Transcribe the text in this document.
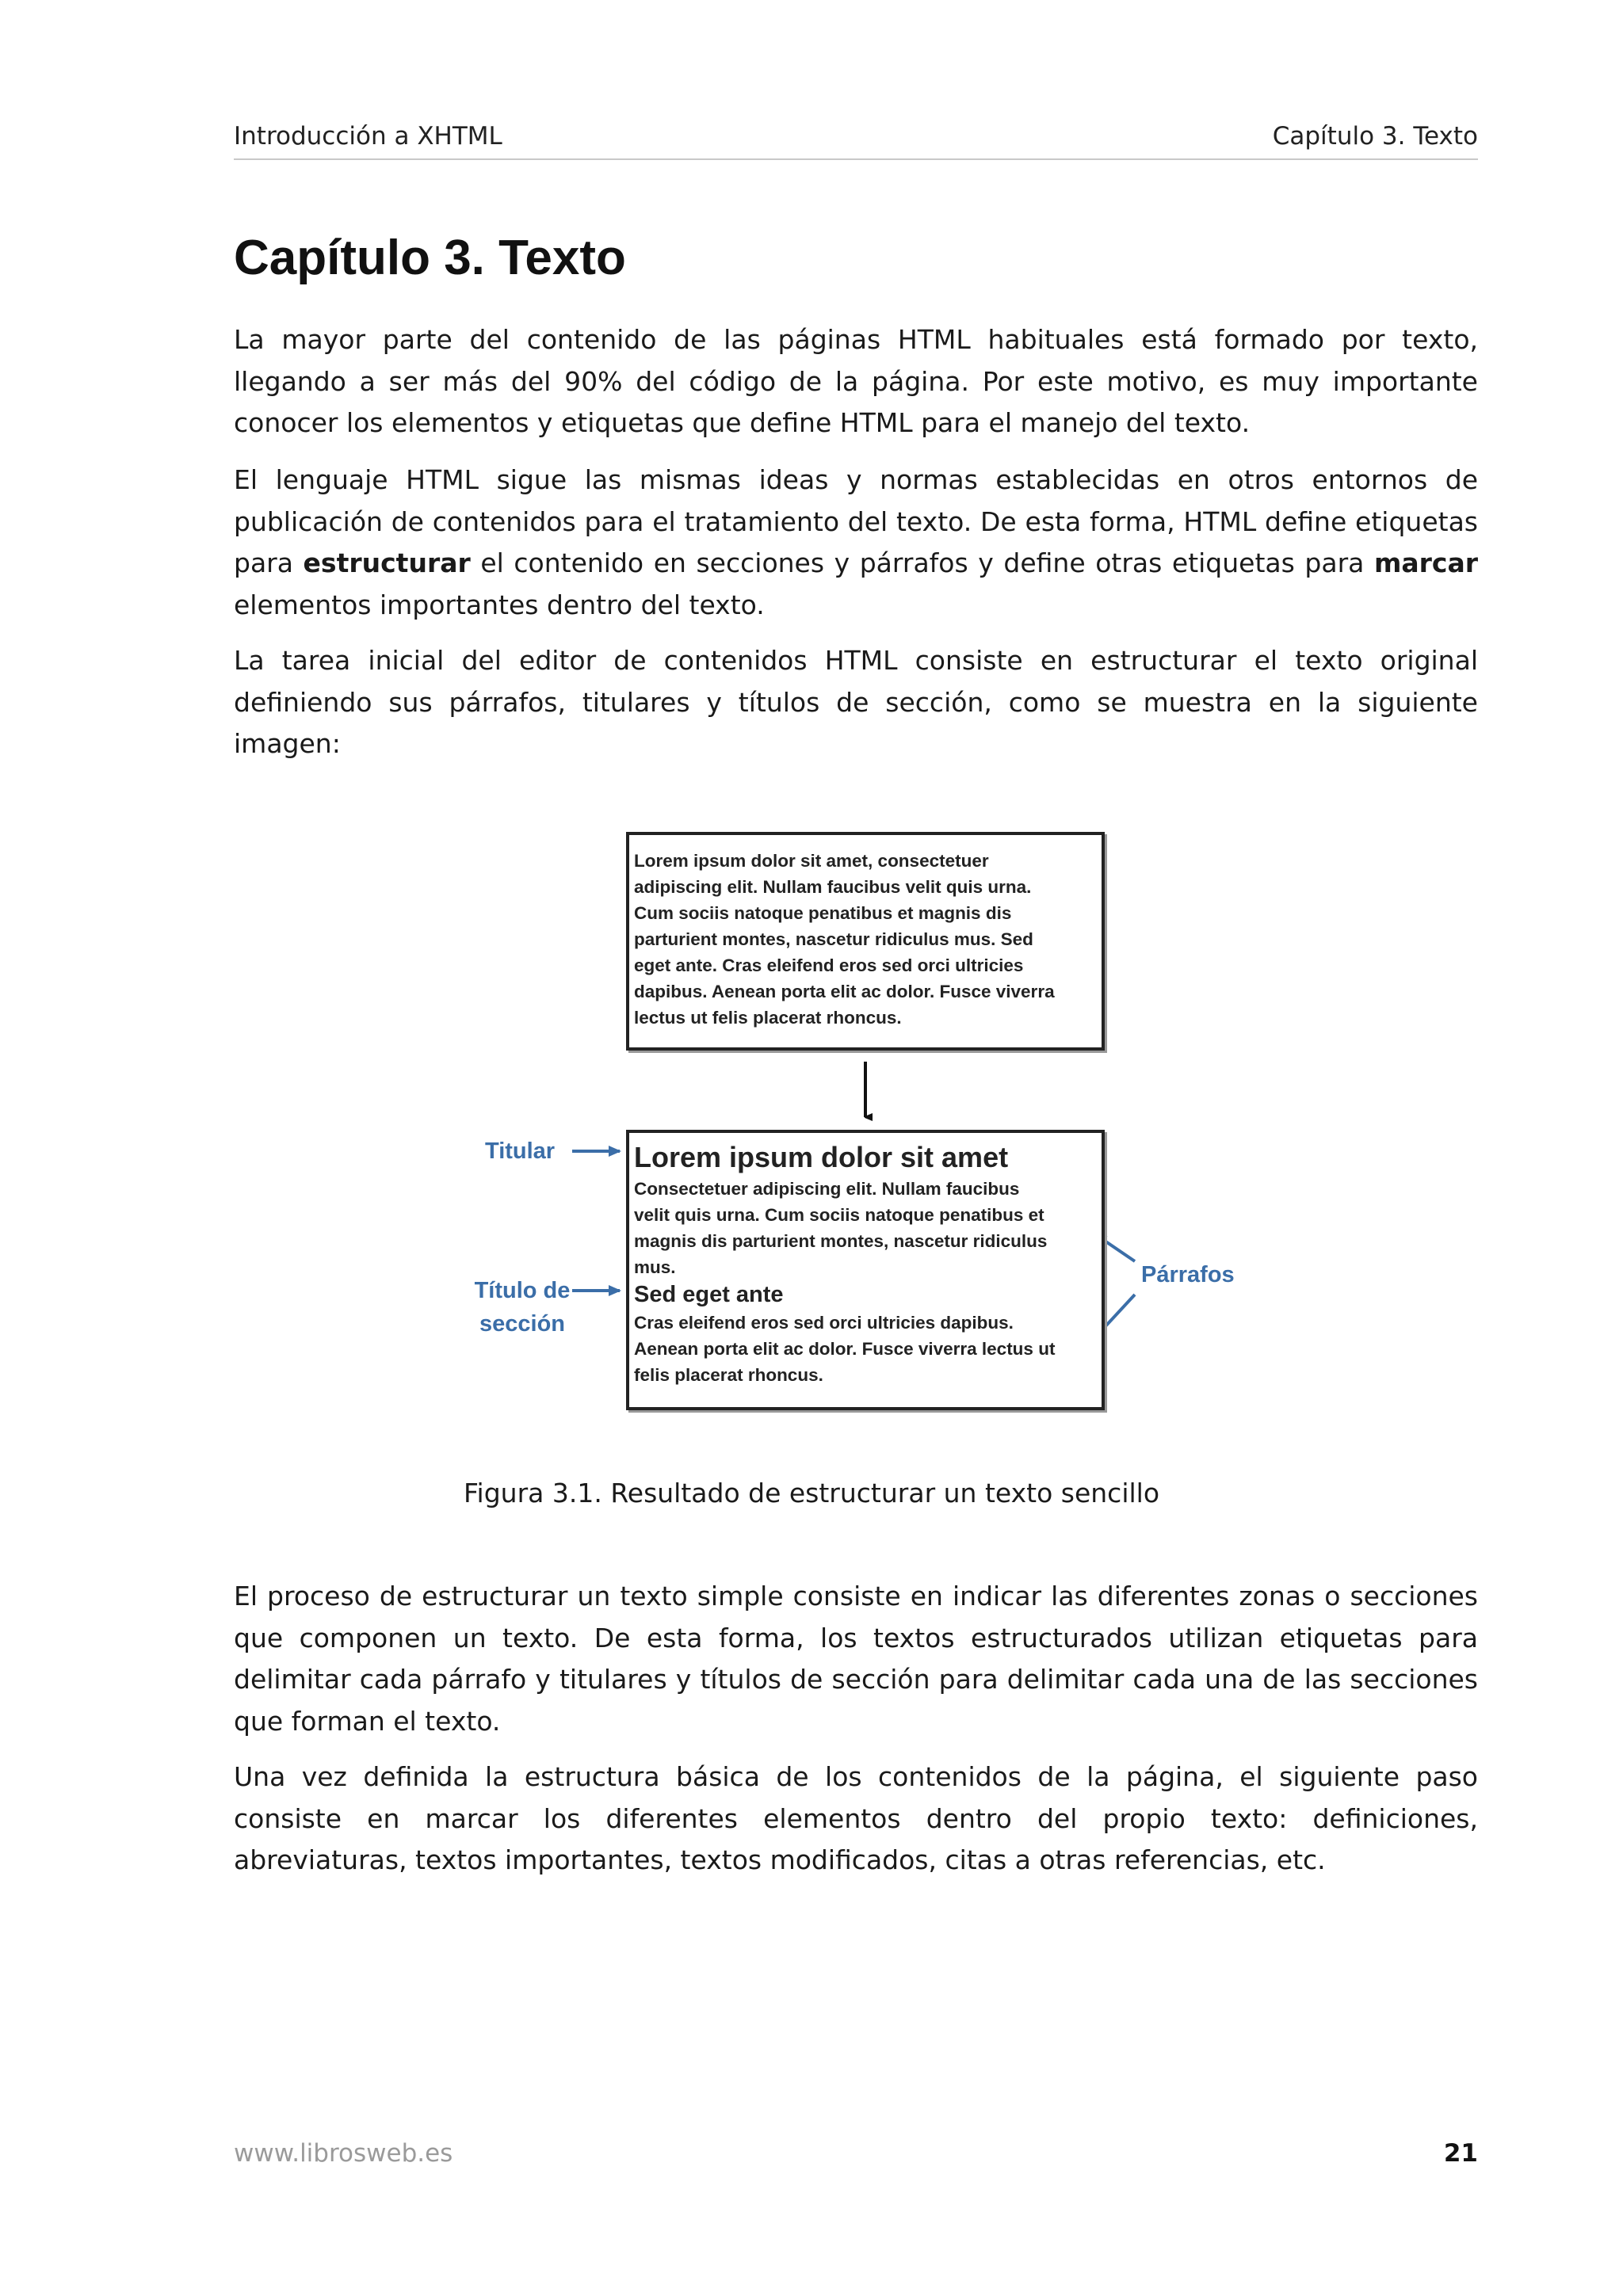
Introducción a XHTML	Capítulo 3. Texto
Capítulo 3. Texto

La mayor parte del contenido de las páginas HTML habituales está formado por texto, llegando a ser más del 90% del código de la página. Por este motivo, es muy importante conocer los elementos y etiquetas que define HTML para el manejo del texto.

El lenguaje HTML sigue las mismas ideas y normas establecidas en otros entornos de publicación de contenidos para el tratamiento del texto. De esta forma, HTML define etiquetas para estructurar el contenido en secciones y párrafos y define otras etiquetas para marcar elementos importantes dentro del texto.

La tarea inicial del editor de contenidos HTML consiste en estructurar el texto original definiendo sus párrafos, titulares y títulos de sección, como se muestra en la siguiente imagen:

Lorem ipsum dolor sit amet, consectetuer
adipiscing elit. Nullam faucibus velit quis urna.
Cum sociis natoque penatibus et magnis dis
parturient montes, nascetur ridiculus mus. Sed
eget ante. Cras eleifend eros sed orci ultricies
dapibus. Aenean porta elit ac dolor. Fusce viverra
lectus ut felis placerat rhoncus.
Lorem ipsum dolor sit amet
Consectetuer adipiscing elit. Nullam faucibus
velit quis urna. Cum sociis natoque penatibus et
magnis dis parturient montes, nascetur ridiculus
mus.
Sed eget ante
Cras eleifend eros sed orci ultricies dapibus.
Aenean porta elit ac dolor. Fusce viverra lectus ut
felis placerat rhoncus.
Titular
Título de
sección
Párrafos
Figura 3.1. Resultado de estructurar un texto sencillo

El proceso de estructurar un texto simple consiste en indicar las diferentes zonas o secciones que componen un texto. De esta forma, los textos estructurados utilizan etiquetas para delimitar cada párrafo y titulares y títulos de sección para delimitar cada una de las secciones que forman el texto.

Una vez definida la estructura básica de los contenidos de la página, el siguiente paso consiste en marcar los diferentes elementos dentro del propio texto: definiciones, abreviaturas, textos importantes, textos modificados, citas a otras referencias, etc.

www.librosweb.es	21
